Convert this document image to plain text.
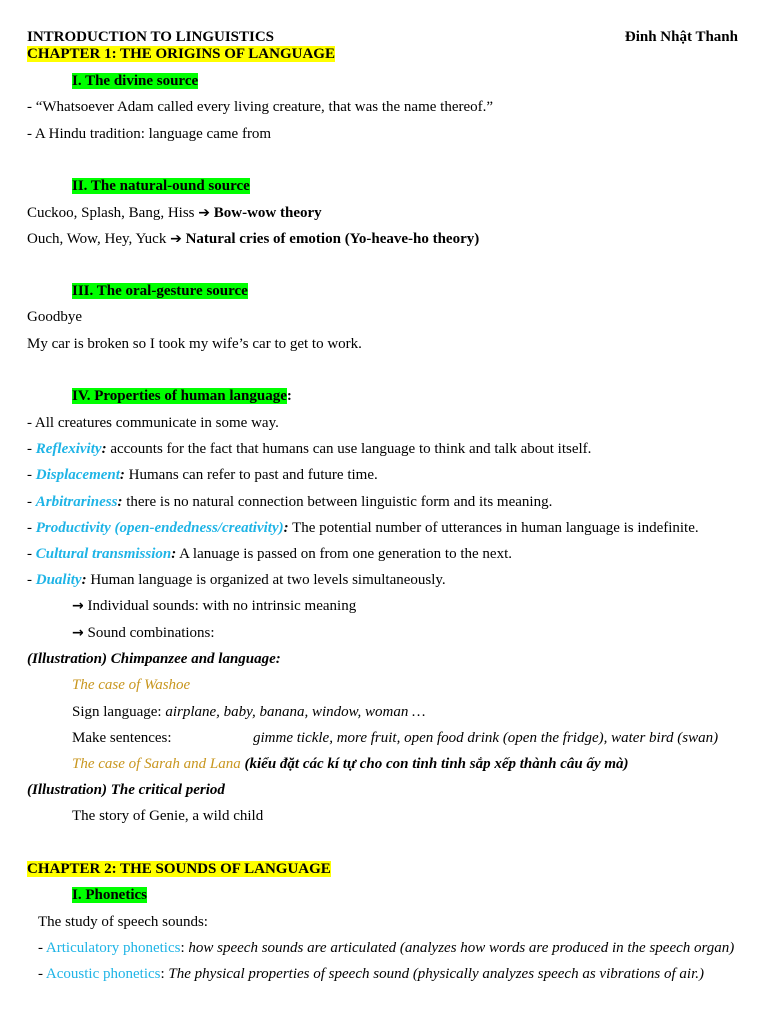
INTRODUCTION TO LINGUISTICS	Đinh Nhật Thanh
CHAPTER 1: THE ORIGINS OF LANGUAGE
I. The divine source
- “Whatsoever Adam called every living creature, that was the name thereof.”
- A Hindu tradition: language came from
II. The natural-ound source
Cuckoo, Splash, Bang, Hiss ➔ Bow-wow theory
Ouch, Wow, Hey, Yuck ➔ Natural cries of emotion (Yo-heave-ho theory)
III. The oral-gesture source
Goodbye
My car is broken so I took my wife’s car to get to work.
IV. Properties of human language:
- All creatures communicate in some way.
- Reflexivity: accounts for the fact that humans can use language to think and talk about itself.
- Displacement: Humans can refer to past and future time.
- Arbitrariness: there is no natural connection between linguistic form and its meaning.
- Productivity (open-endedness/creativity): The potential number of utterances in human language is indefinite.
- Cultural transmission: A lanuage is passed on from one generation to the next.
- Duality: Human language is organized at two levels simultaneously.
→ Individual sounds: with no intrinsic meaning
→ Sound combinations:
(Illustration) Chimpanzee and language:
The case of Washoe
Sign language: airplane, baby, banana, window, woman …
Make sentences:	gimme tickle, more fruit, open food drink (open the fridge), water bird (swan)
The case of Sarah and Lana (kiểu đặt các kí tự cho con tinh tinh sắp xếp thành câu ấy mà)
(Illustration) The critical period
The story of Genie, a wild child
CHAPTER 2: THE SOUNDS OF LANGUAGE
I. Phonetics
The study of speech sounds:
- Articulatory phonetics: how speech sounds are articulated (analyzes how words are produced in the speech organ)
- Acoustic phonetics: The physical properties of speech sound (physically analyzes speech as vibrations of air.)
